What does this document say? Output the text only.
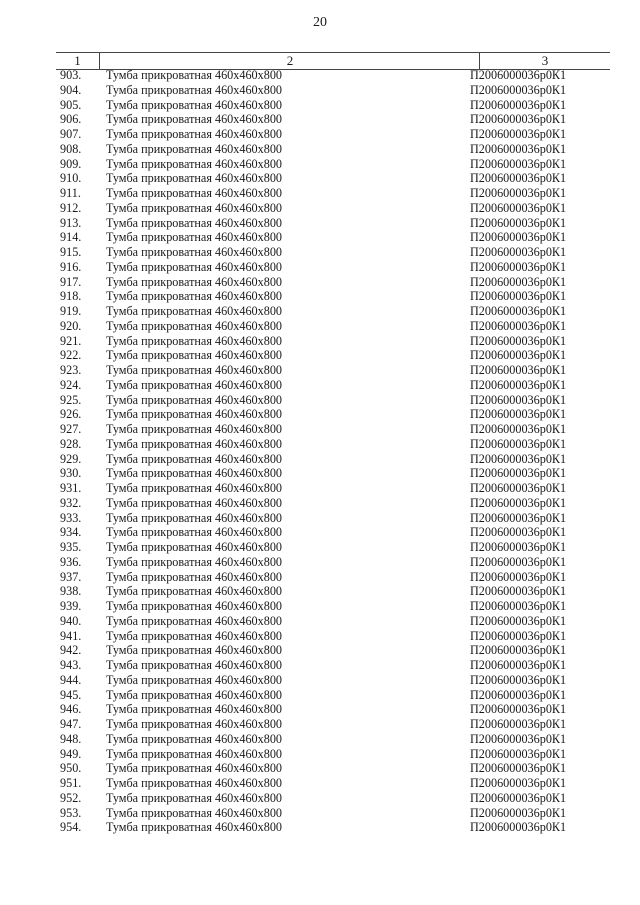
20
1	2	3
903. Тумба прикроватная 460х460х800	П2006000036р0К1
904. Тумба прикроватная 460х460х800	П2006000036р0К1
905. Тумба прикроватная 460х460х800	П2006000036р0К1
906. Тумба прикроватная 460х460х800	П2006000036р0К1
907. Тумба прикроватная 460х460х800	П2006000036р0К1
908. Тумба прикроватная 460х460х800	П2006000036р0К1
909. Тумба прикроватная 460х460х800	П2006000036р0К1
910. Тумба прикроватная 460х460х800	П2006000036р0К1
911. Тумба прикроватная 460х460х800	П2006000036р0К1
912. Тумба прикроватная 460х460х800	П2006000036р0К1
913. Тумба прикроватная 460х460х800	П2006000036р0К1
914. Тумба прикроватная 460х460х800	П2006000036р0К1
915. Тумба прикроватная 460х460х800	П2006000036р0К1
916. Тумба прикроватная 460х460х800	П2006000036р0К1
917. Тумба прикроватная 460х460х800	П2006000036р0К1
918. Тумба прикроватная 460х460х800	П2006000036р0К1
919. Тумба прикроватная 460х460х800	П2006000036р0К1
920. Тумба прикроватная 460х460х800	П2006000036р0К1
921. Тумба прикроватная 460х460х800	П2006000036р0К1
922. Тумба прикроватная 460х460х800	П2006000036р0К1
923. Тумба прикроватная 460х460х800	П2006000036р0К1
924. Тумба прикроватная 460х460х800	П2006000036р0К1
925. Тумба прикроватная 460х460х800	П2006000036р0К1
926. Тумба прикроватная 460х460х800	П2006000036р0К1
927. Тумба прикроватная 460х460х800	П2006000036р0К1
928. Тумба прикроватная 460х460х800	П2006000036р0К1
929. Тумба прикроватная 460х460х800	П2006000036р0К1
930. Тумба прикроватная 460х460х800	П2006000036р0К1
931. Тумба прикроватная 460х460х800	П2006000036р0К1
932. Тумба прикроватная 460х460х800	П2006000036р0К1
933. Тумба прикроватная 460х460х800	П2006000036р0К1
934. Тумба прикроватная 460х460х800	П2006000036р0К1
935. Тумба прикроватная 460х460х800	П2006000036р0К1
936. Тумба прикроватная 460х460х800	П2006000036р0К1
937. Тумба прикроватная 460х460х800	П2006000036р0К1
938. Тумба прикроватная 460х460х800	П2006000036р0К1
939. Тумба прикроватная 460х460х800	П2006000036р0К1
940. Тумба прикроватная 460х460х800	П2006000036р0К1
941. Тумба прикроватная 460х460х800	П2006000036р0К1
942. Тумба прикроватная 460х460х800	П2006000036р0К1
943. Тумба прикроватная 460х460х800	П2006000036р0К1
944. Тумба прикроватная 460х460х800	П2006000036р0К1
945. Тумба прикроватная 460х460х800	П2006000036р0К1
946. Тумба прикроватная 460х460х800	П2006000036р0К1
947. Тумба прикроватная 460х460х800	П2006000036р0К1
948. Тумба прикроватная 460х460х800	П2006000036р0К1
949. Тумба прикроватная 460х460х800	П2006000036р0К1
950. Тумба прикроватная 460х460х800	П2006000036р0К1
951. Тумба прикроватная 460х460х800	П2006000036р0К1
952. Тумба прикроватная 460х460х800	П2006000036р0К1
953. Тумба прикроватная 460х460х800	П2006000036р0К1
954. Тумба прикроватная 460х460х800	П2006000036р0К1
